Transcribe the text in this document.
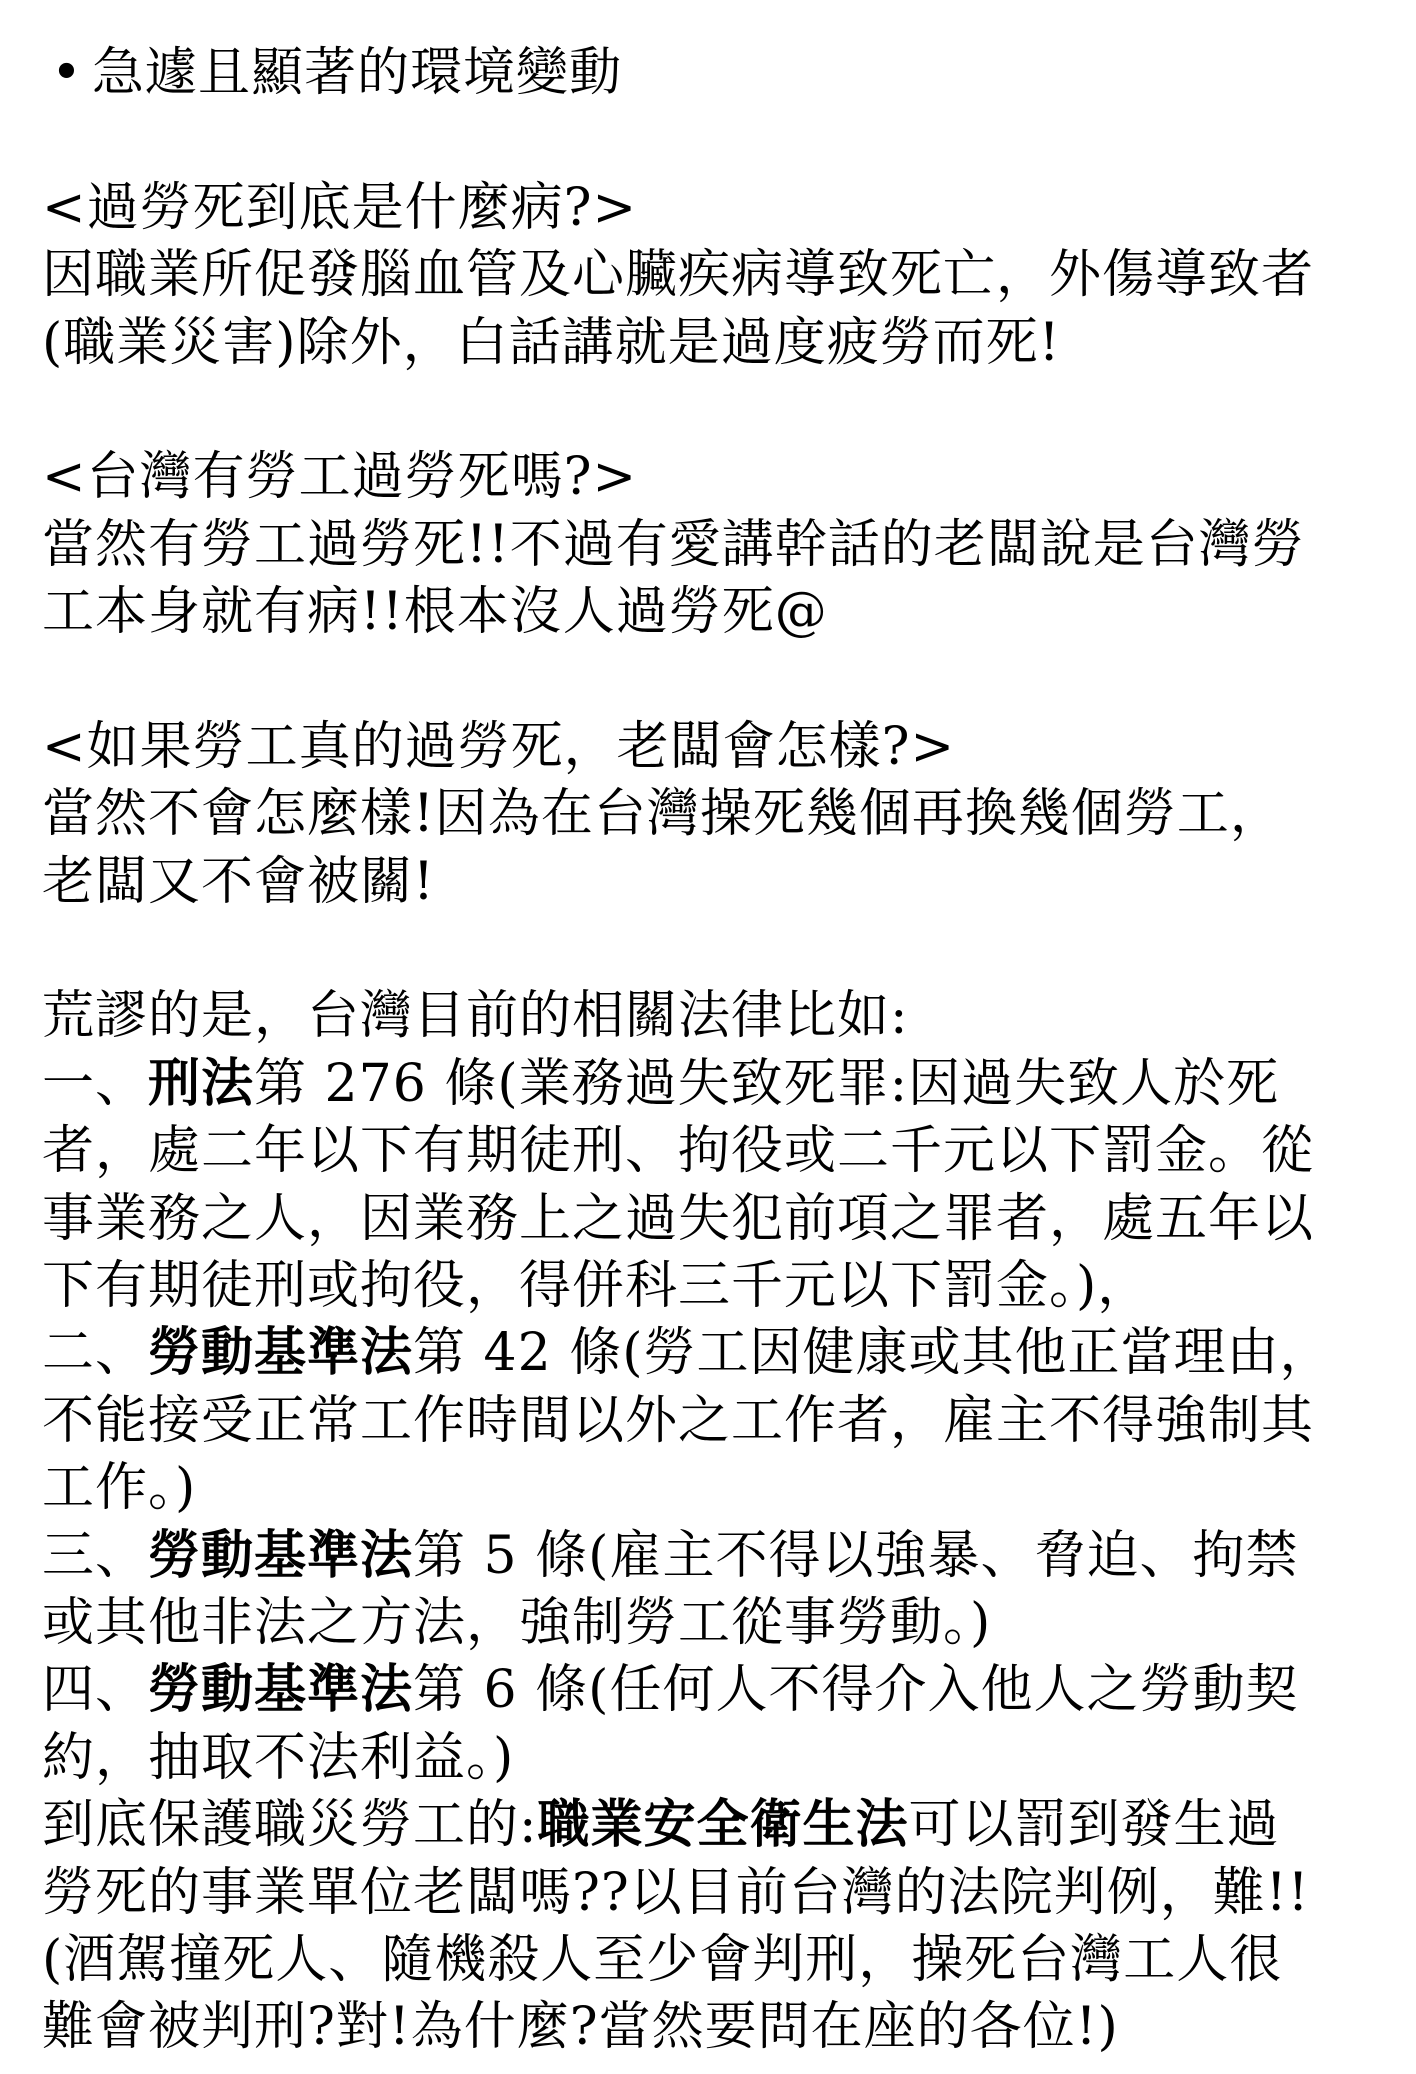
• 急遽且顯著的環境變動
<過勞死到底是什麼病?>
因職業所促發腦血管及心臟疾病導致死亡，外傷導致者
(職業災害)除外，白話講就是過度疲勞而死!
<台灣有勞工過勞死嗎?>
當然有勞工過勞死!!不過有愛講幹話的老闆說是台灣勞
工本身就有病!!根本沒人過勞死@
<如果勞工真的過勞死，老闆會怎樣?>
當然不會怎麼樣!因為在台灣操死幾個再換幾個勞工，
老闆又不會被關!
荒謬的是，台灣目前的相關法律比如:
一、刑法第 276 條(業務過失致死罪:因過失致人於死
者，處二年以下有期徒刑、拘役或二千元以下罰金。從
事業務之人，因業務上之過失犯前項之罪者，處五年以
下有期徒刑或拘役，得併科三千元以下罰金。)，
二、勞動基準法第 42 條(勞工因健康或其他正當理由，
不能接受正常工作時間以外之工作者，雇主不得強制其
工作。)
三、勞動基準法第 5 條(雇主不得以強暴、脅迫、拘禁
或其他非法之方法，強制勞工從事勞動。)
四、勞動基準法第 6 條(任何人不得介入他人之勞動契
約，抽取不法利益。)
到底保護職災勞工的:職業安全衛生法可以罰到發生過
勞死的事業單位老闆嗎??以目前台灣的法院判例，難!!
(酒駕撞死人、隨機殺人至少會判刑，操死台灣工人很
難會被判刑?對!為什麼?當然要問在座的各位!)
